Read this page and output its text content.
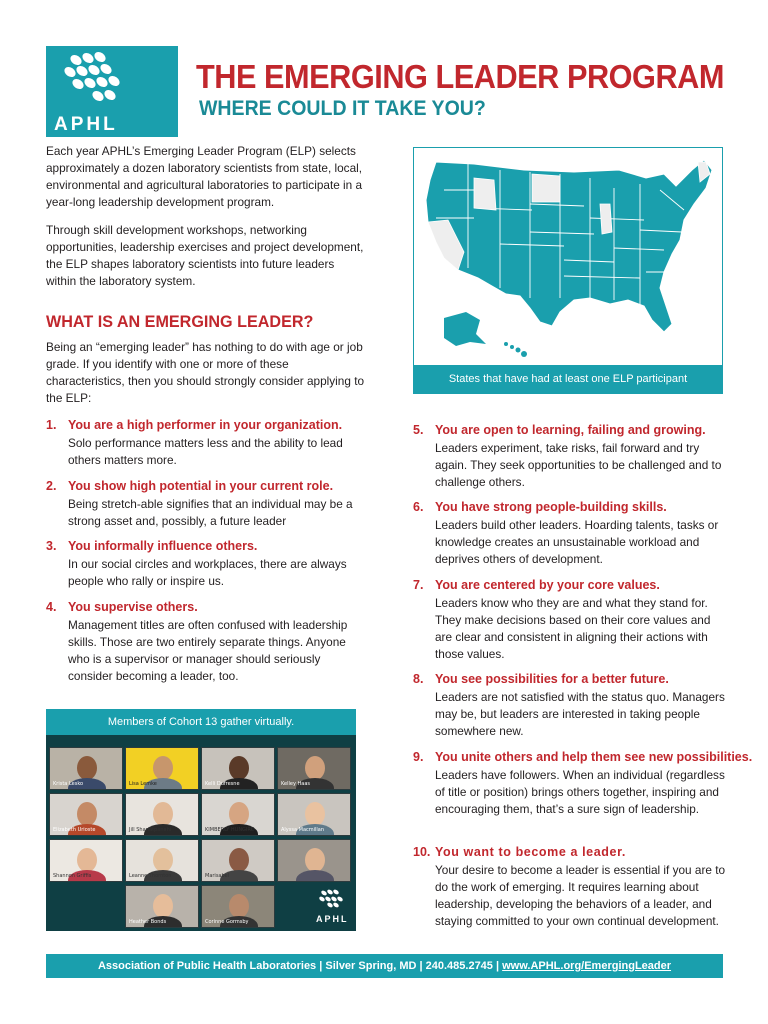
APHL
THE EMERGING LEADER PROGRAM
WHERE COULD IT TAKE YOU?
Each year APHL’s Emerging Leader Program (ELP) selects approximately a dozen laboratory scientists from state, local, environmental and agricultural laboratories to participate in a year-long leadership development program.
Through skill development workshops, networking opportunities, leadership exercises and project development, the ELP shapes laboratory scientists into future leaders within the laboratory system.
WHAT IS AN EMERGING LEADER?
Being an “emerging leader” has nothing to do with age or job grade. If you identify with one or more of these characteristics, then you should strongly consider applying to the ELP:
1. You are a high performer in your organization.
Solo performance matters less and the ability to lead others matters more.
2. You show high potential in your current role.
Being stretch-able signifies that an individual may be a strong asset and, possibly, a future leader
3. You informally influence others.
In our social circles and workplaces, there are always people who rally or inspire us.
4. You supervise others.
Management titles are often confused with leadership skills. Those are two entirely separate things. Anyone who is a supervisor or manager should seriously consider becoming a leader, too.
States that have had at least one ELP participant
5. You are open to learning, failing and growing.
Leaders experiment, take risks, fail forward and try again. They seek opportunities to be challenged and to challenge others.
6. You have strong people-building skills.
Leaders build other leaders. Hoarding talents, tasks or knowledge creates an unsustainable workload and deprives others of development.
7. You are centered by your core values.
Leaders know who they are and what they stand for. They make decisions based on their core values and are clear and consistent in aligning their actions with those values.
8. You see possibilities for a better future.
Leaders are not satisfied with the status quo. Managers may be, but leaders are interested in taking people somewhere new.
9. You unite others and help them see new possibilities.
Leaders have followers. When an individual (regardless of title or position) brings others together, inspiring and encouraging them, that’s a sure sign of leadership.
10. You want to become a leader.
Your desire to become a leader is essential if you are to do the work of emerging. It requires learning about leadership, developing the behaviors of a leader, and staying committed to your own continual development.
Members of Cohort 13 gather virtually.
Krista Lesko	Lisa Lemke	Kelli Dufresne	Kelley Haas
Elizabeth Urioste	Jill Shariatpanahi	KIMBERLY HUNGIRC	Alyssa Macmillan
Shannon Griffis	Leanne Thornton	Marisabel
Heather Bonds	Corinne Gormsby	APHL
Association of Public Health Laboratories | Silver Spring, MD | 240.485.2745 | www.APHL.org/EmergingLeader
